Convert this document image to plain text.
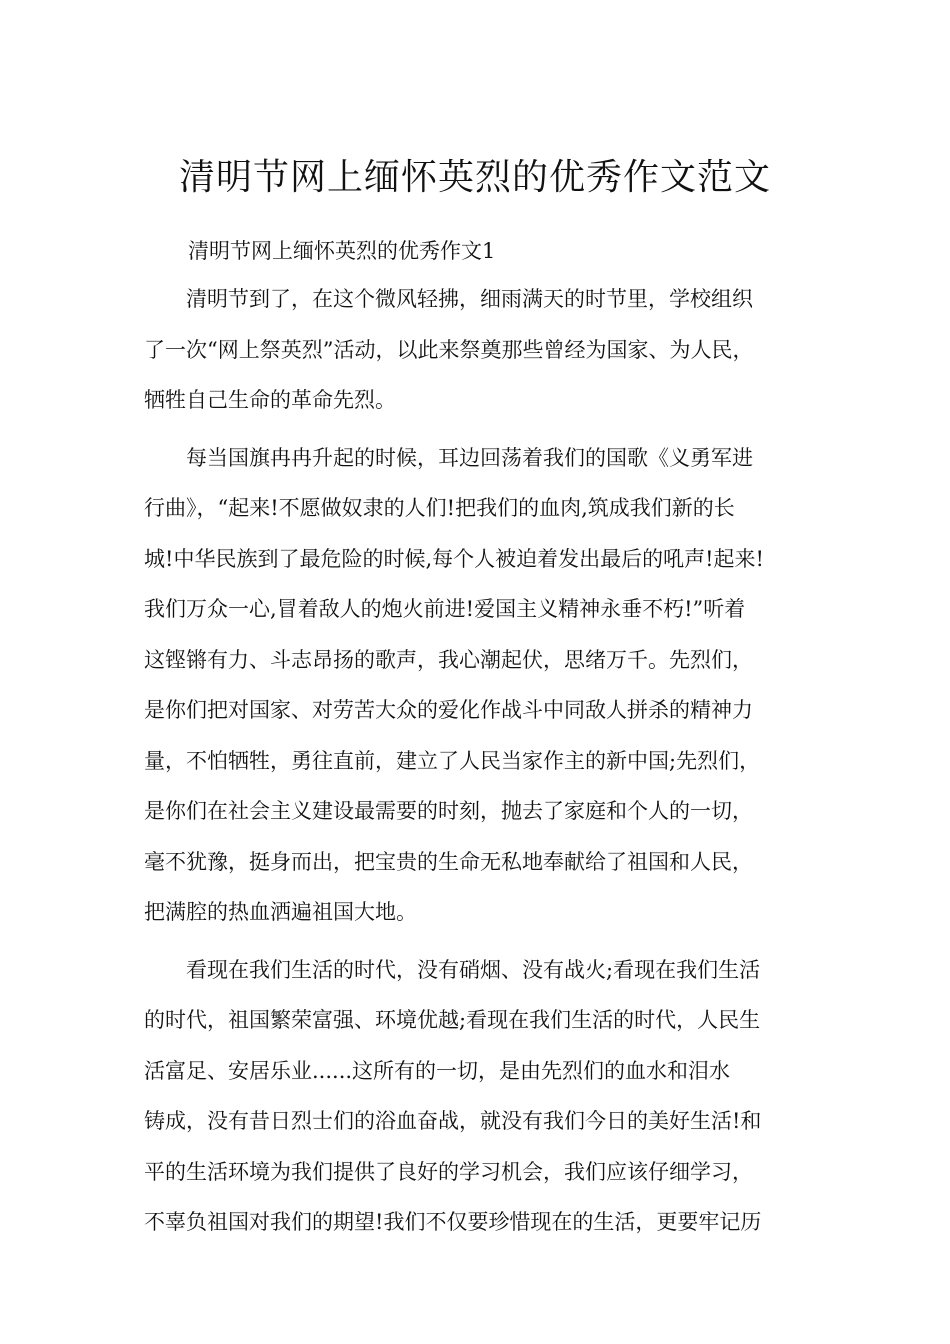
清明节网上缅怀英烈的优秀作文范文
清明节网上缅怀英烈的优秀作文1

　　清明节到了，在这个微风轻拂，细雨满天的时节里，学校组织
了一次“网上祭英烈”活动，以此来祭奠那些曾经为国家、为人民，
牺牲自己生命的革命先烈。

　　每当国旗冉冉升起的时候，耳边回荡着我们的国歌《义勇军进
行曲》，“起来!不愿做奴隶的人们!把我们的血肉,筑成我们新的长
城!中华民族到了最危险的时候,每个人被迫着发出最后的吼声!起来!
我们万众一心,冒着敌人的炮火前进!爱国主义精神永垂不朽!”听着
这铿锵有力、斗志昂扬的歌声，我心潮起伏，思绪万千。先烈们，
是你们把对国家、对劳苦大众的爱化作战斗中同敌人拼杀的精神力
量，不怕牺牲，勇往直前，建立了人民当家作主的新中国;先烈们，
是你们在社会主义建设最需要的时刻，抛去了家庭和个人的一切，
毫不犹豫，挺身而出，把宝贵的生命无私地奉献给了祖国和人民，
把满腔的热血洒遍祖国大地。

　　看现在我们生活的时代，没有硝烟、没有战火;看现在我们生活
的时代，祖国繁荣富强、环境优越;看现在我们生活的时代，人民生
活富足、安居乐业......这所有的一切，是由先烈们的血水和泪水
铸成，没有昔日烈士们的浴血奋战，就没有我们今日的美好生活!和
平的生活环境为我们提供了良好的学习机会，我们应该仔细学习，
不辜负祖国对我们的期望!我们不仅要珍惜现在的生活，更要牢记历
